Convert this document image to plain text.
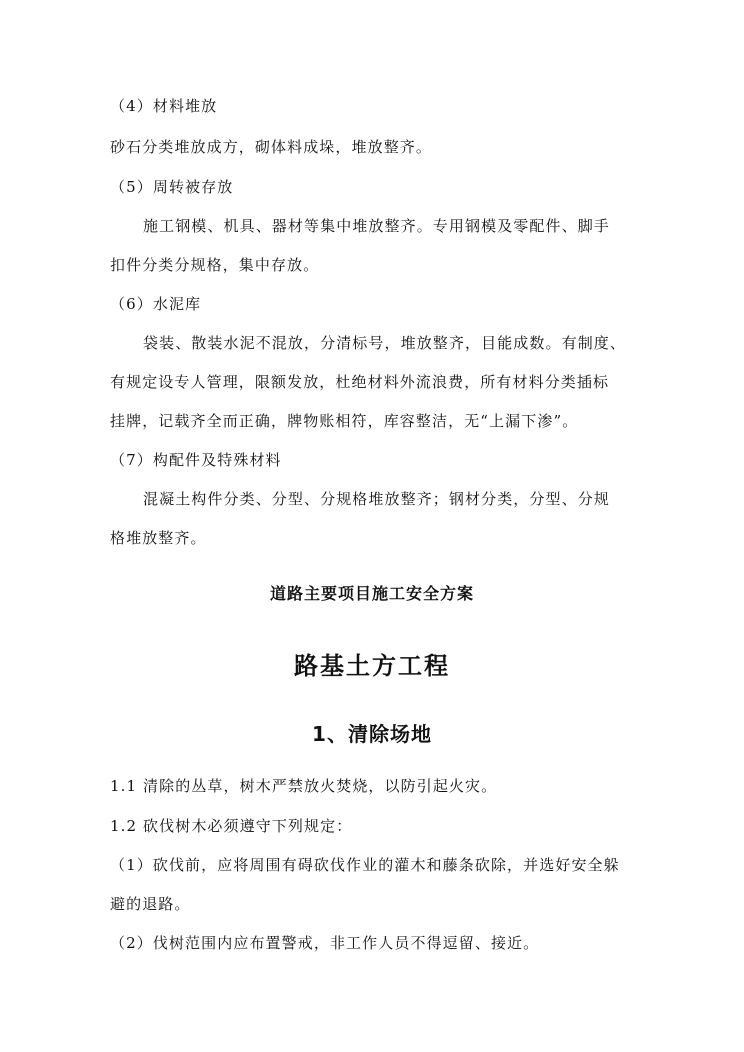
（4）材料堆放
砂石分类堆放成方，砌体料成垛，堆放整齐。
（5）周转被存放
施工钢模、机具、器材等集中堆放整齐。专用钢模及零配件、脚手
扣件分类分规格，集中存放。
（6）水泥库
袋装、散装水泥不混放，分清标号，堆放整齐，目能成数。有制度、
有规定设专人管理，限额发放，杜绝材料外流浪费，所有材料分类插标
挂牌，记载齐全而正确，牌物账相符，库容整洁，无“上漏下渗”。
（7）构配件及特殊材料
混凝土构件分类、分型、分规格堆放整齐；钢材分类，分型、分规
格堆放整齐。
道路主要项目施工安全方案
路基土方工程
1、清除场地
1.1 清除的丛草，树木严禁放火焚烧，以防引起火灾。
1.2 砍伐树木必须遵守下列规定：
（1）砍伐前，应将周围有碍砍伐作业的灌木和藤条砍除，并选好安全躲
避的退路。
（2）伐树范围内应布置警戒，非工作人员不得逗留、接近。
